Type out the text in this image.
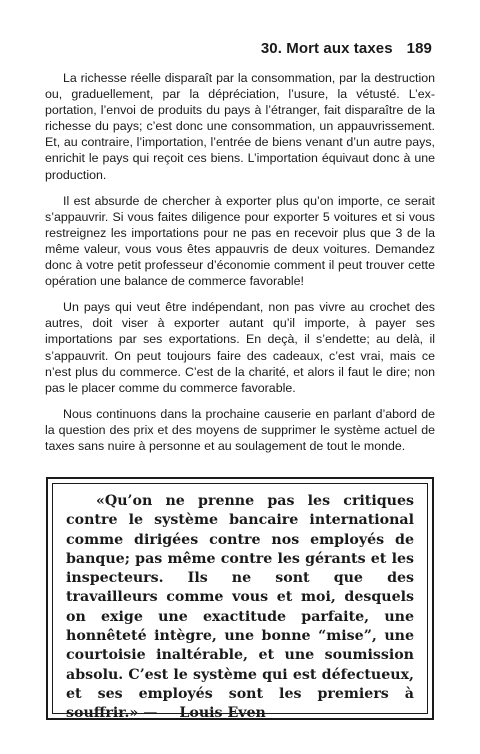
30. Mort aux taxes 189

La richesse réelle disparaît par la consommation, par la destruction ou, graduellement, par la dépréciation, l’usure, la vétusté. L’exportation, l’envoi de produits du pays à l’étranger, fait disparaître de la richesse du pays; c’est donc une consommation, un appauvrissement. Et, au contraire, l’importation, l’entrée de biens venant d’un autre pays, enrichit le pays qui reçoit ces biens. L’importation équivaut donc à une production.

Il est absurde de chercher à exporter plus qu’on importe, ce serait s’appauvrir. Si vous faites diligence pour exporter 5 voitures et si vous restreignez les importations pour ne pas en recevoir plus que 3 de la même valeur, vous vous êtes appauvris de deux voitures. Demandez donc à votre petit professeur d’économie comment il peut trouver cette opération une balance de commerce favorable!

Un pays qui veut être indépendant, non pas vivre au crochet des autres, doit viser à exporter autant qu’il importe, à payer ses importations par ses exportations. En deçà, il s’endette; au delà, il s’appauvrit. On peut toujours faire des cadeaux, c’est vrai, mais ce n’est plus du commerce. C’est de la charité, et alors il faut le dire; non pas le placer comme du commerce favorable.

Nous continuons dans la prochaine causerie en parlant d’abord de la question des prix et des moyens de supprimer le système actuel de taxes sans nuire à personne et au soulagement de tout le monde.

«Qu’on ne prenne pas les critiques contre le système bancaire international comme dirigées contre nos employés de banque; pas même contre les gérants et les inspecteurs. Ils ne sont que des travailleurs comme vous et moi, desquels on exige une exactitude parfaite, une honnêteté intègre, une bonne “mise”, une courtoisie inaltérable, et une soumission absolu. C’est le système qui est défectueux, et ses employés sont les premiers à souffrir.» — Louis Even
